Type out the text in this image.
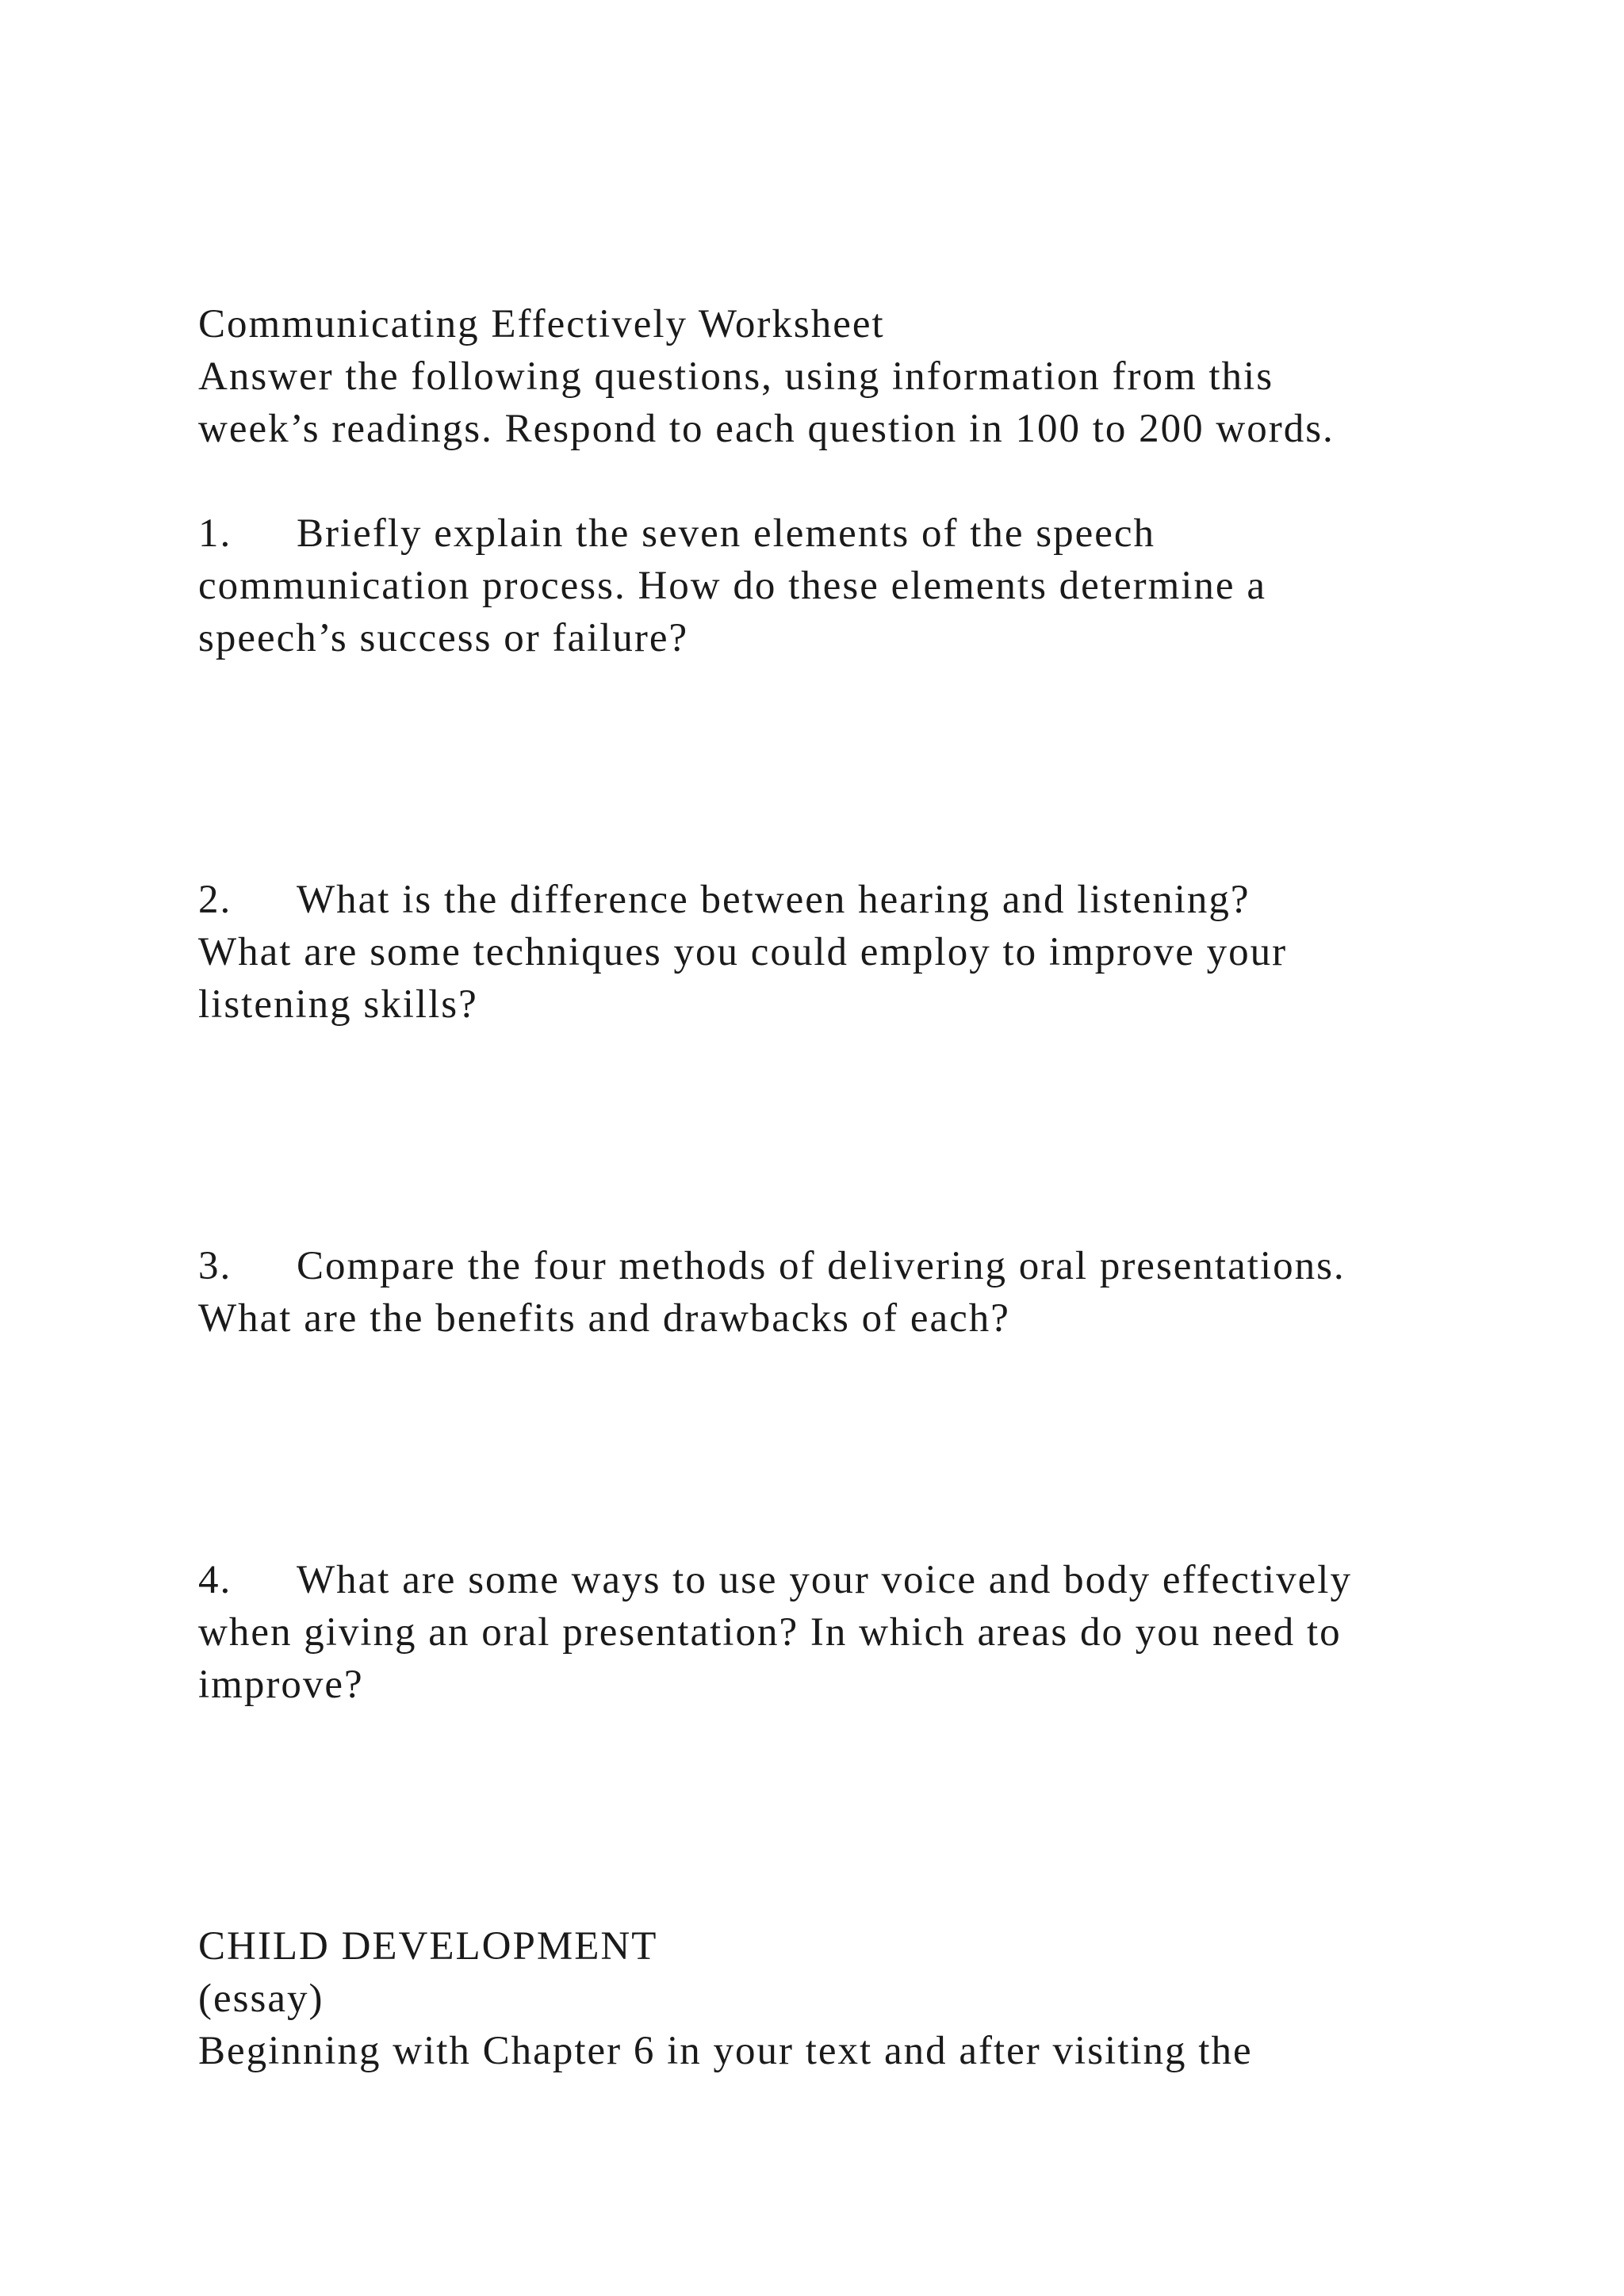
Communicating Effectively Worksheet
Answer the following questions, using information from this
week’s readings. Respond to each question in 100 to 200 words.
1. Briefly explain the seven elements of the speech
communication process. How do these elements determine a
speech’s success or failure?
2. What is the difference between hearing and listening?
What are some techniques you could employ to improve your
listening skills?
3. Compare the four methods of delivering oral presentations.
What are the benefits and drawbacks of each?
4. What are some ways to use your voice and body effectively
when giving an oral presentation? In which areas do you need to
improve?
CHILD DEVELOPMENT
(essay)
Beginning with Chapter 6 in your text and after visiting the
